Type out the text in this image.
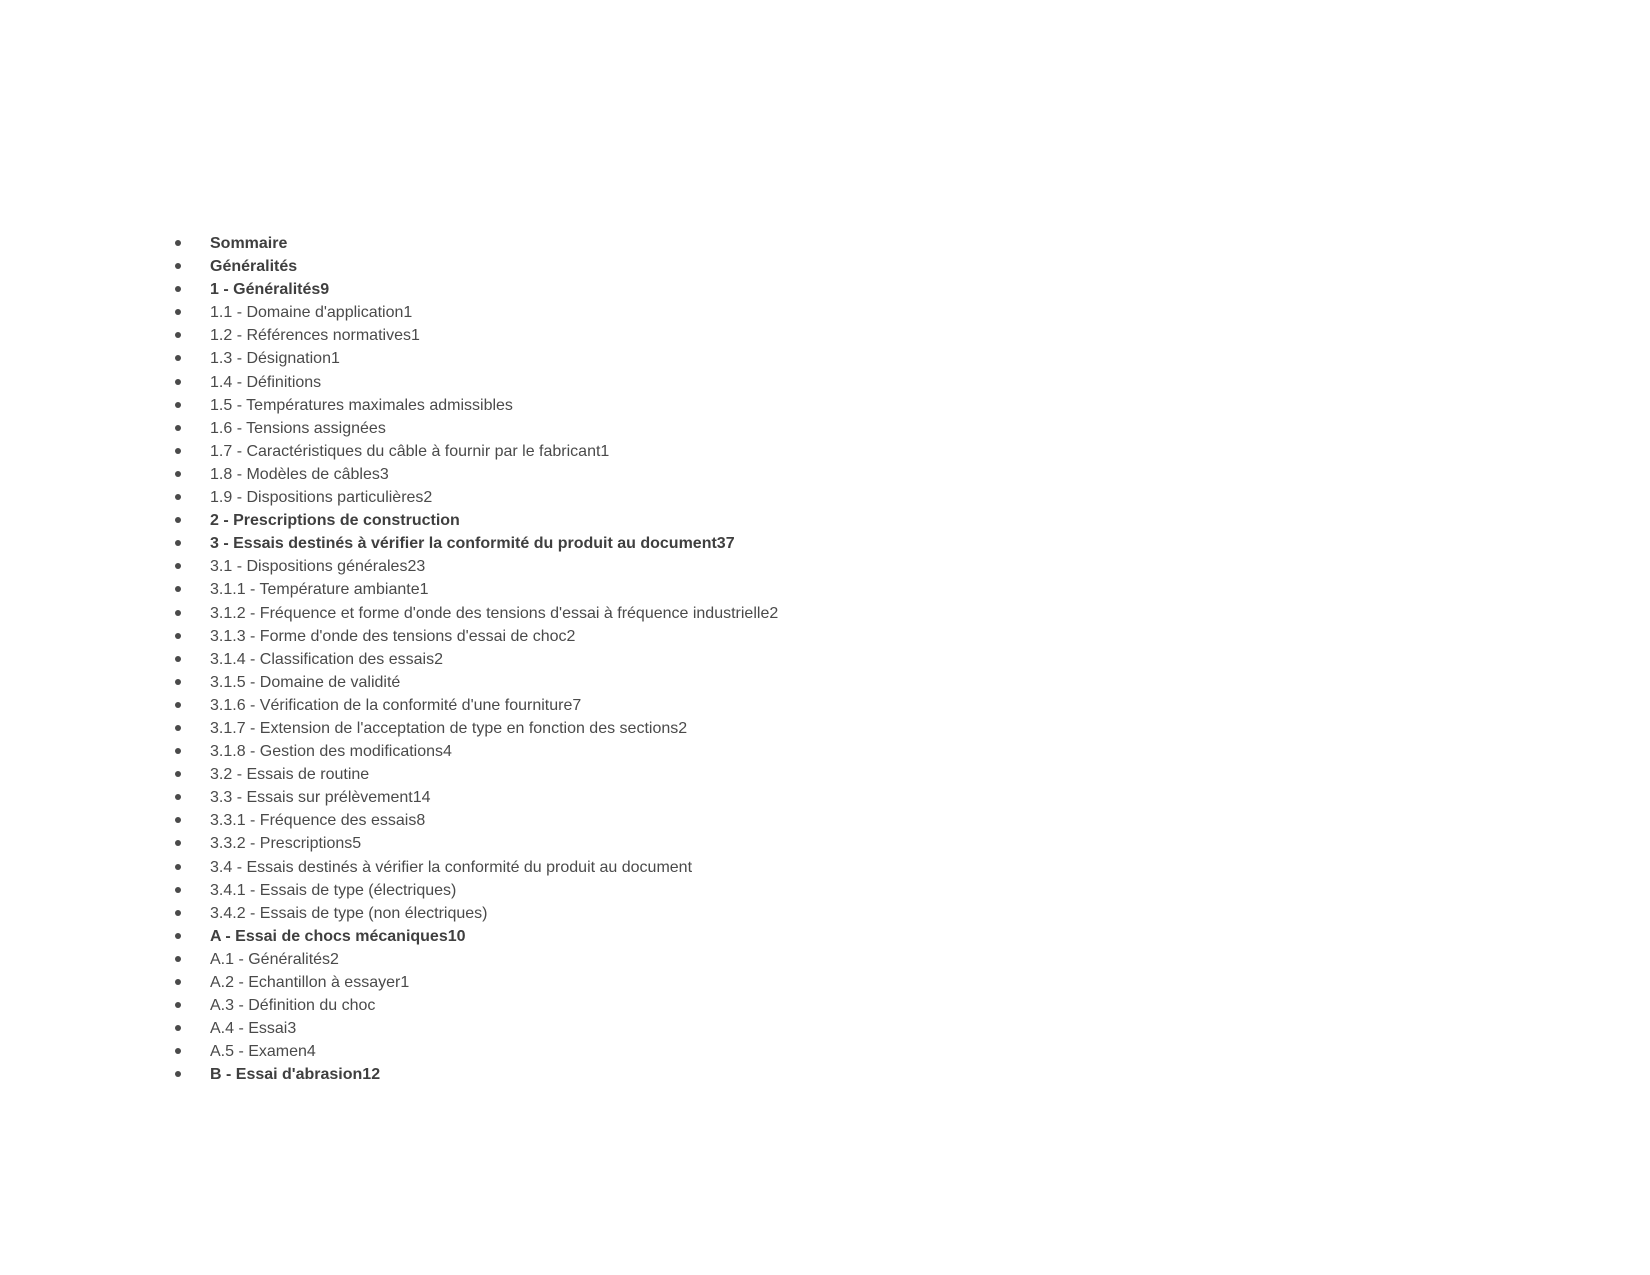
Sommaire
Généralités
1 - Généralités9
1.1 - Domaine d'application1
1.2 - Références normatives1
1.3 - Désignation1
1.4 - Définitions
1.5 - Températures maximales admissibles
1.6 - Tensions assignées
1.7 - Caractéristiques du câble à fournir par le fabricant1
1.8 - Modèles de câbles3
1.9 - Dispositions particulières2
2 - Prescriptions de construction
3 - Essais destinés à vérifier la conformité du produit au document37
3.1 - Dispositions générales23
3.1.1 - Température ambiante1
3.1.2 - Fréquence et forme d'onde des tensions d'essai à fréquence industrielle2
3.1.3 - Forme d'onde des tensions d'essai de choc2
3.1.4 - Classification des essais2
3.1.5 - Domaine de validité
3.1.6 - Vérification de la conformité d'une fourniture7
3.1.7 - Extension de l'acceptation de type en fonction des sections2
3.1.8 - Gestion des modifications4
3.2 - Essais de routine
3.3 - Essais sur prélèvement14
3.3.1 - Fréquence des essais8
3.3.2 - Prescriptions5
3.4 - Essais destinés à vérifier la conformité du produit au document
3.4.1 - Essais de type (électriques)
3.4.2 - Essais de type (non électriques)
A - Essai de chocs mécaniques10
A.1 - Généralités2
A.2 - Echantillon à essayer1
A.3 - Définition du choc
A.4 - Essai3
A.5 - Examen4
B - Essai d'abrasion12
